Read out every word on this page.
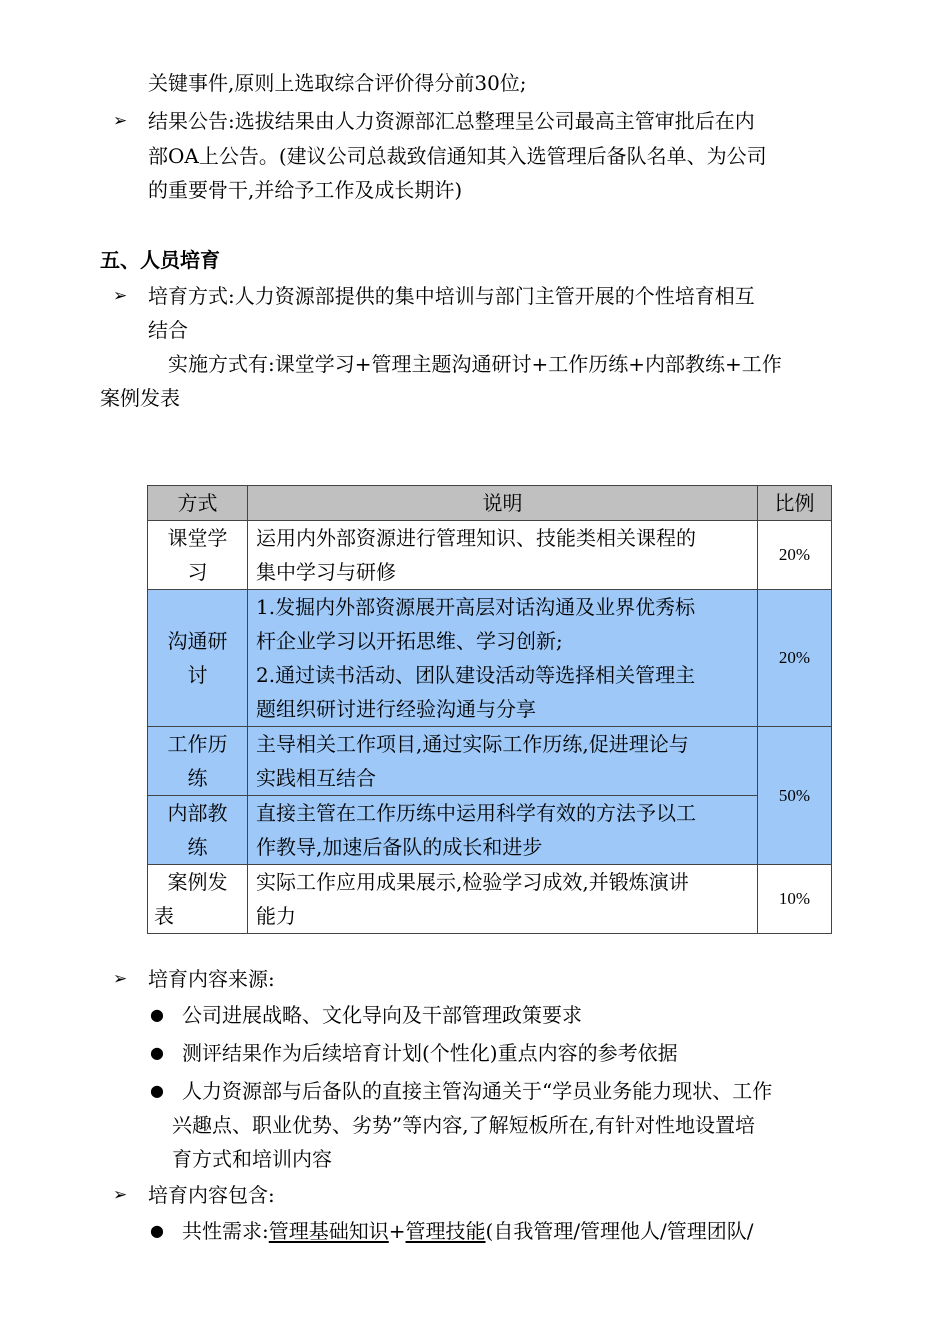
关键事件,原则上选取综合评价得分前30位;
➢ 结果公告:选拔结果由人力资源部汇总整理呈公司最高主管审批后在内
部OA上公告。(建议公司总裁致信通知其入选管理后备队名单、为公司
的重要骨干,并给予工作及成长期许)
五、人员培育
➢ 培育方式:人力资源部提供的集中培训与部门主管开展的个性培育相互
结合
实施方式有:课堂学习+管理主题沟通研讨+工作历练+内部教练+工作
案例发表
方式	说明	比例
课堂学
习	运用内外部资源进行管理知识、技能类相关课程的
集中学习与研修	20%
沟通研
讨	1.发掘内外部资源展开高层对话沟通及业界优秀标
杆企业学习以开拓思维、学习创新;
2.通过读书活动、团队建设活动等选择相关管理主
题组织研讨进行经验沟通与分享	20%
工作历
练	主导相关工作项目,通过实际工作历练,促进理论与
实践相互结合	50%
内部教
练	直接主管在工作历练中运用科学有效的方法予以工
作教导,加速后备队的成长和进步	
案例发
表	实际工作应用成果展示,检验学习成效,并锻炼演讲
能力	10%
➢ 培育内容来源:
● 公司进展战略、文化导向及干部管理政策要求
● 测评结果作为后续培育计划(个性化)重点内容的参考依据
● 人力资源部与后备队的直接主管沟通关于“学员业务能力现状、工作
兴趣点、职业优势、劣势”等内容,了解短板所在,有针对性地设置培
育方式和培训内容
➢ 培育内容包含:
● 共性需求:管理基础知识+管理技能(自我管理/管理他人/管理团队/
